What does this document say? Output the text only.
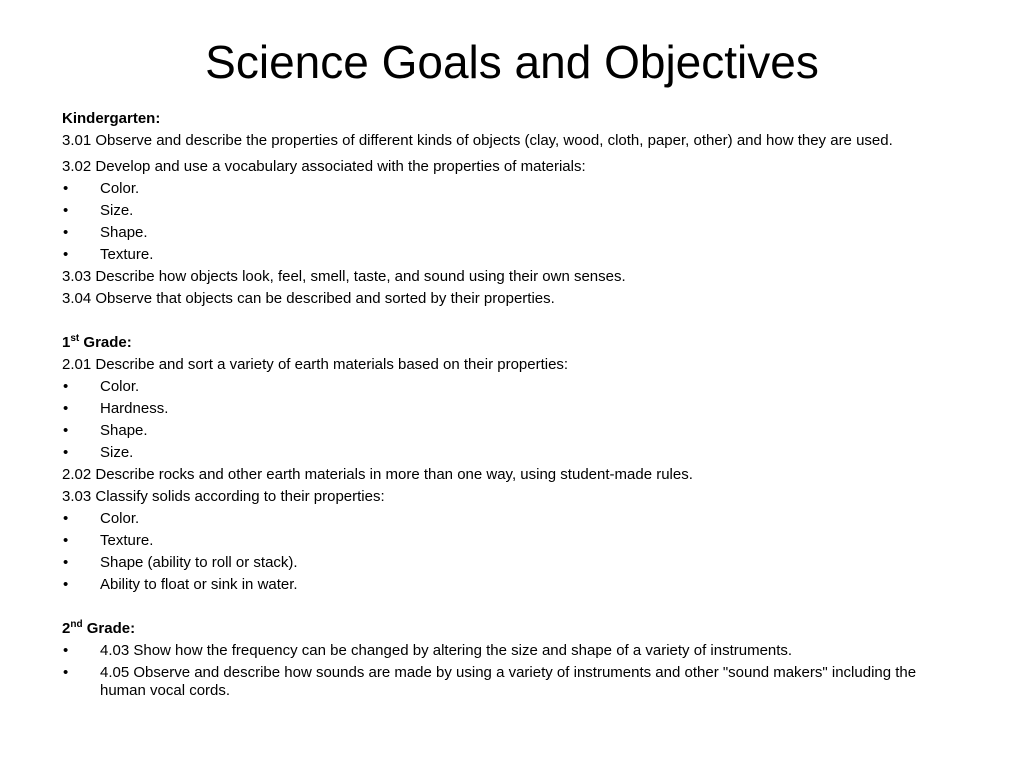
Science Goals and Objectives

Kindergarten:

3.01 Observe and describe the properties of different kinds of objects (clay, wood, cloth, paper, other) and how they are used.

3.02 Develop and use a vocabulary associated with the properties of materials:

•	Color.
•	Size.
•	Shape.
•	Texture.

3.03 Describe how objects look, feel, smell, taste, and sound using their own senses.

3.04 Observe that objects can be described and sorted by their properties.

1st Grade:

2.01 Describe and sort a variety of earth materials based on their properties:

•	Color.
•	Hardness.
•	Shape.
•	Size.

2.02 Describe rocks and other earth materials in more than one way, using student-made rules.

3.03 Classify solids according to their properties:

•	Color.
•	Texture.
•	Shape (ability to roll or stack).
•	Ability to float or sink in water.

2nd Grade:

•	4.03 Show how the frequency can be changed by altering the size and shape of a variety of instruments.
•	4.05 Observe and describe how sounds are made by using a variety of instruments and other "sound makers" including the human vocal cords.
